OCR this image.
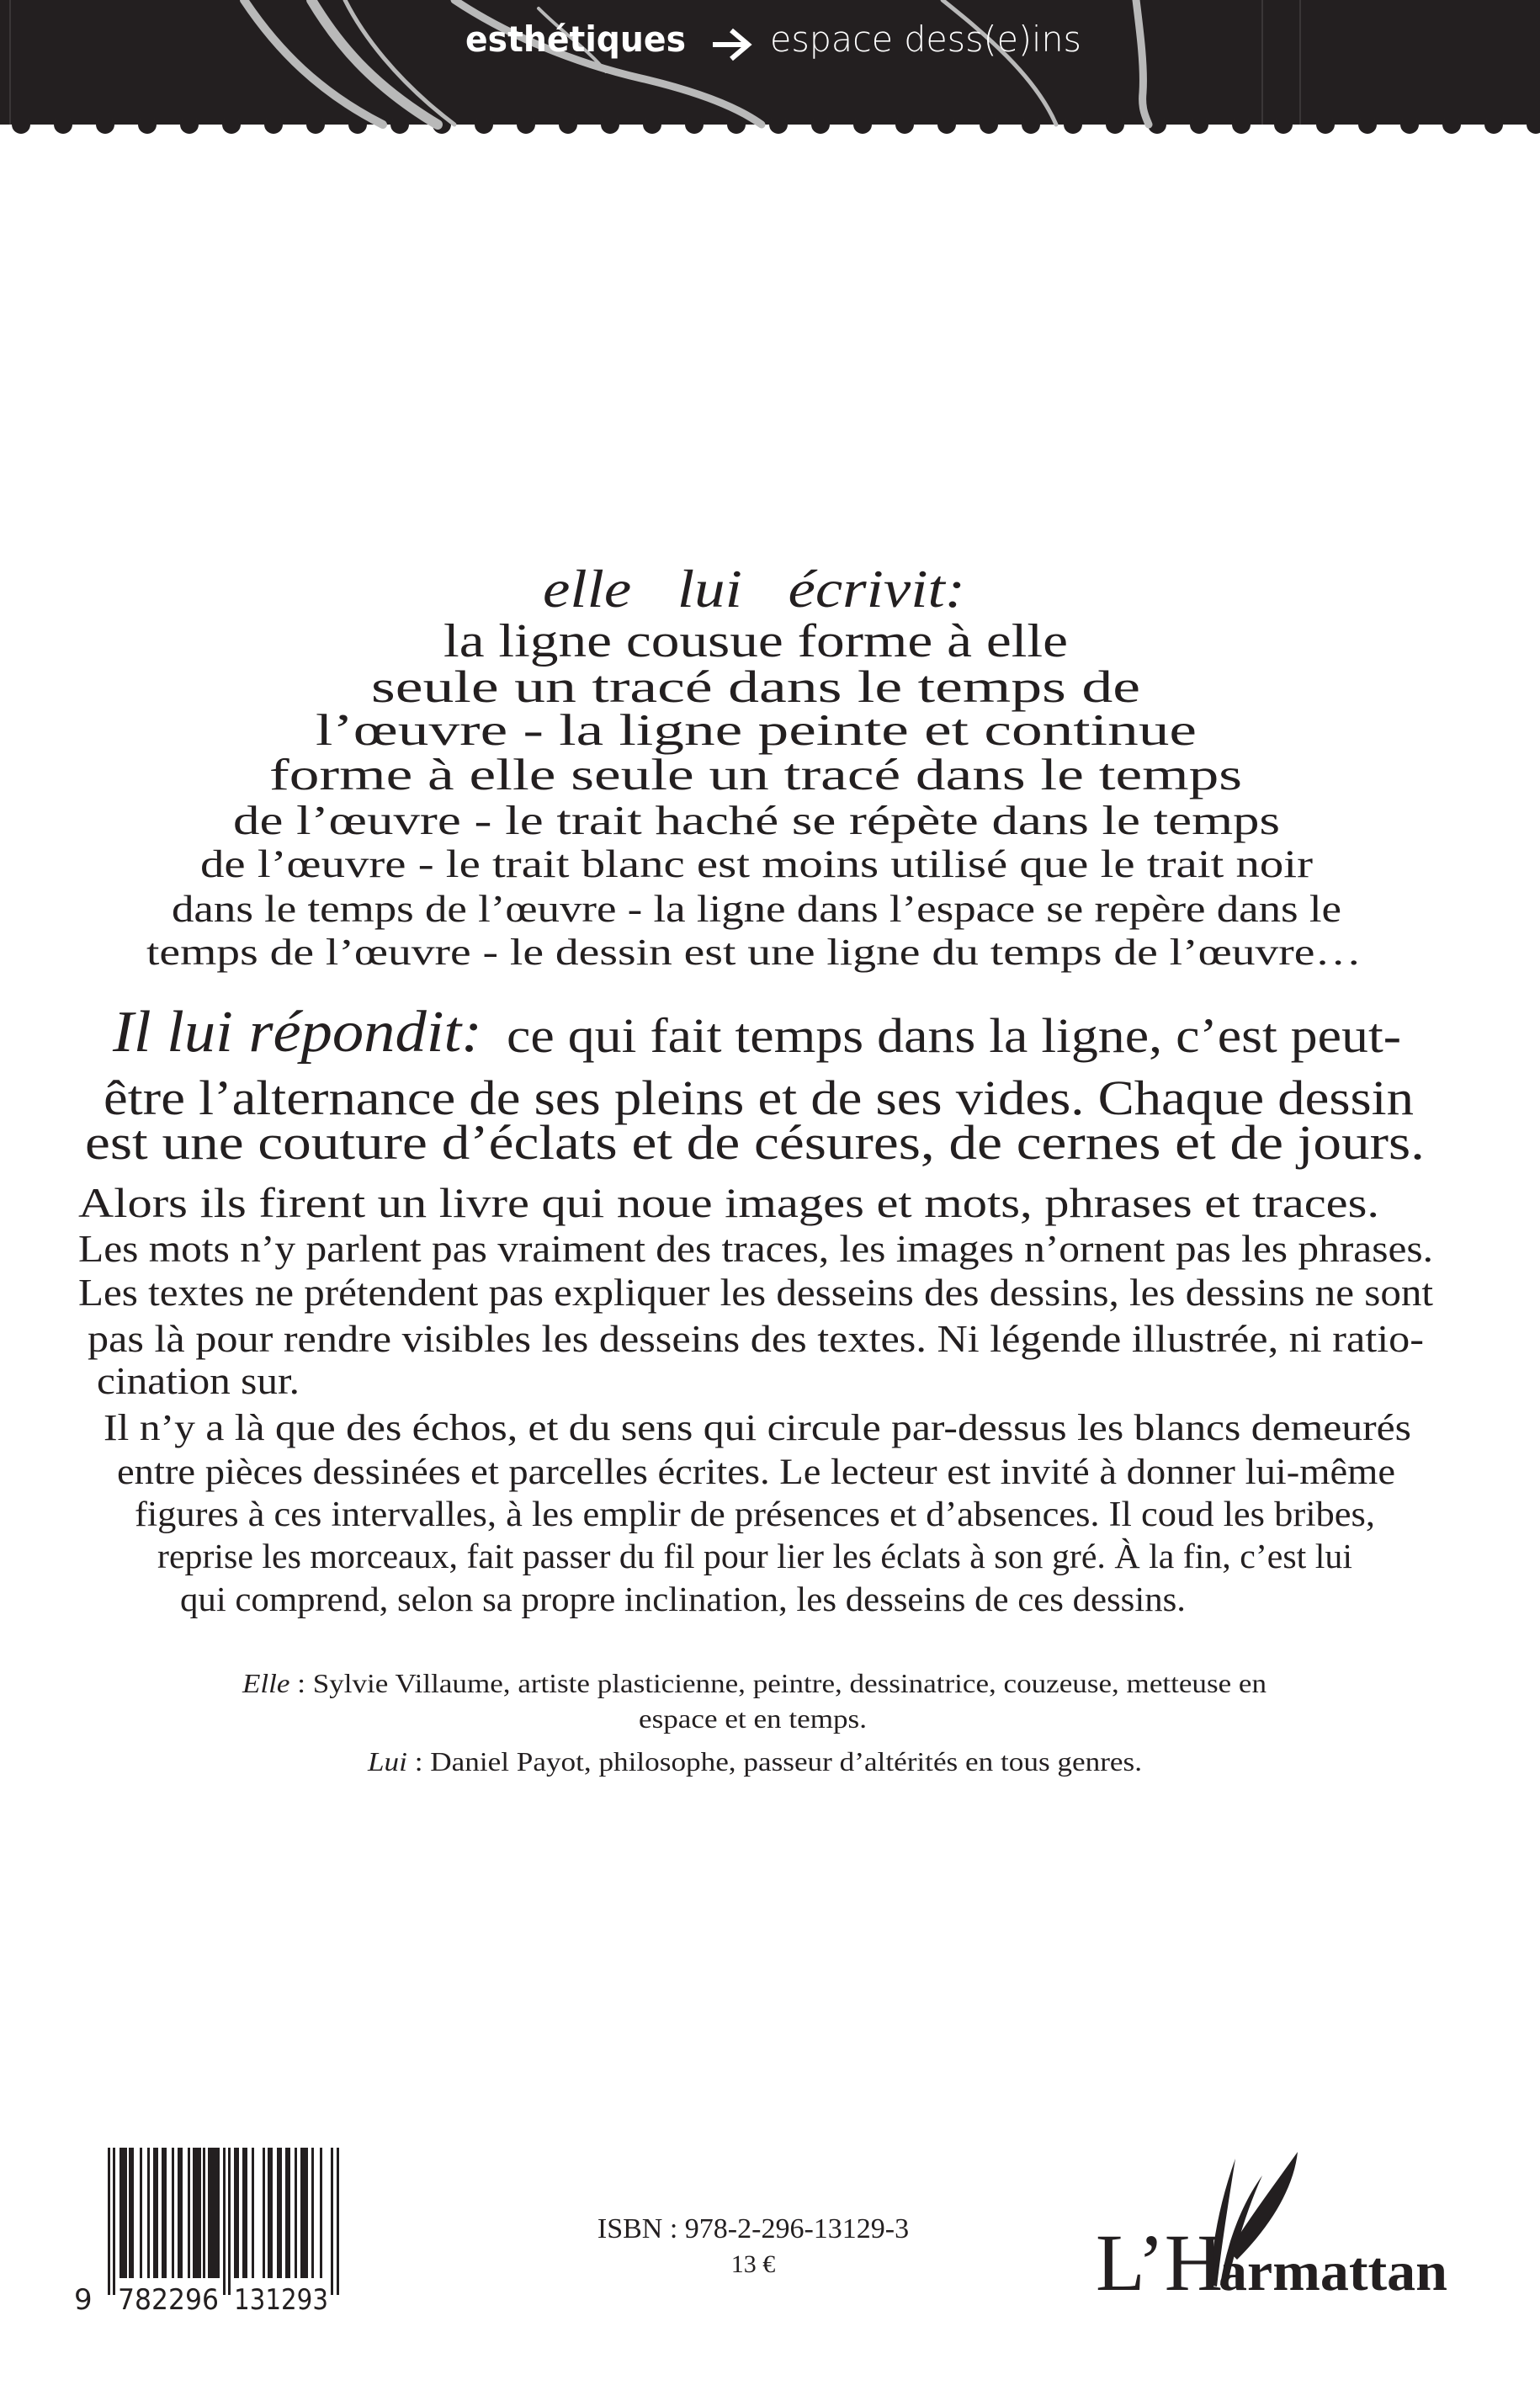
esthétiques espace dess(e)ins
elle   lui   écrivit:
la ligne cousue forme à elle
seule un tracé dans le temps de
l’œuvre - la ligne peinte et continue
forme à elle seule un tracé dans le temps
de l’œuvre - le trait haché se répète dans le temps
de l’œuvre - le trait blanc est moins utilisé que le trait noir
dans le temps de l’œuvre - la ligne dans l’espace se repère dans le
temps de l’œuvre - le dessin est une ligne du temps de l’œuvre…
Il lui répondit: ce qui fait temps dans la ligne, c’est peut-
être l’alternance de ses pleins et de ses vides. Chaque dessin
est une couture d’éclats et de césures, de cernes et de jours.
Alors ils firent un livre qui noue images et mots, phrases et traces.
Les mots n’y parlent pas vraiment des traces, les images n’ornent pas les phrases.
Les textes ne prétendent pas expliquer les desseins des dessins, les dessins ne sont
pas là pour rendre visibles les desseins des textes. Ni légende illustrée, ni ratio-
cination sur.
Il n’y a là que des échos, et du sens qui circule par-dessus les blancs demeurés
entre pièces dessinées et parcelles écrites. Le lecteur est invité à donner lui-même
figures à ces intervalles, à les emplir de présences et d’absences. Il coud les bribes,
reprise les morceaux, fait passer du fil pour lier les éclats à son gré. À la fin, c’est lui
qui comprend, selon sa propre inclination, les desseins de ces dessins.
Elle : Sylvie Villaume, artiste plasticienne, peintre, dessinatrice, couzeuse, metteuse en
espace et en temps.
Lui : Daniel Payot, philosophe, passeur d’altérités en tous genres.
9 782296 131293
ISBN : 978-2-296-13129-3
13 €	L’H
armattan
